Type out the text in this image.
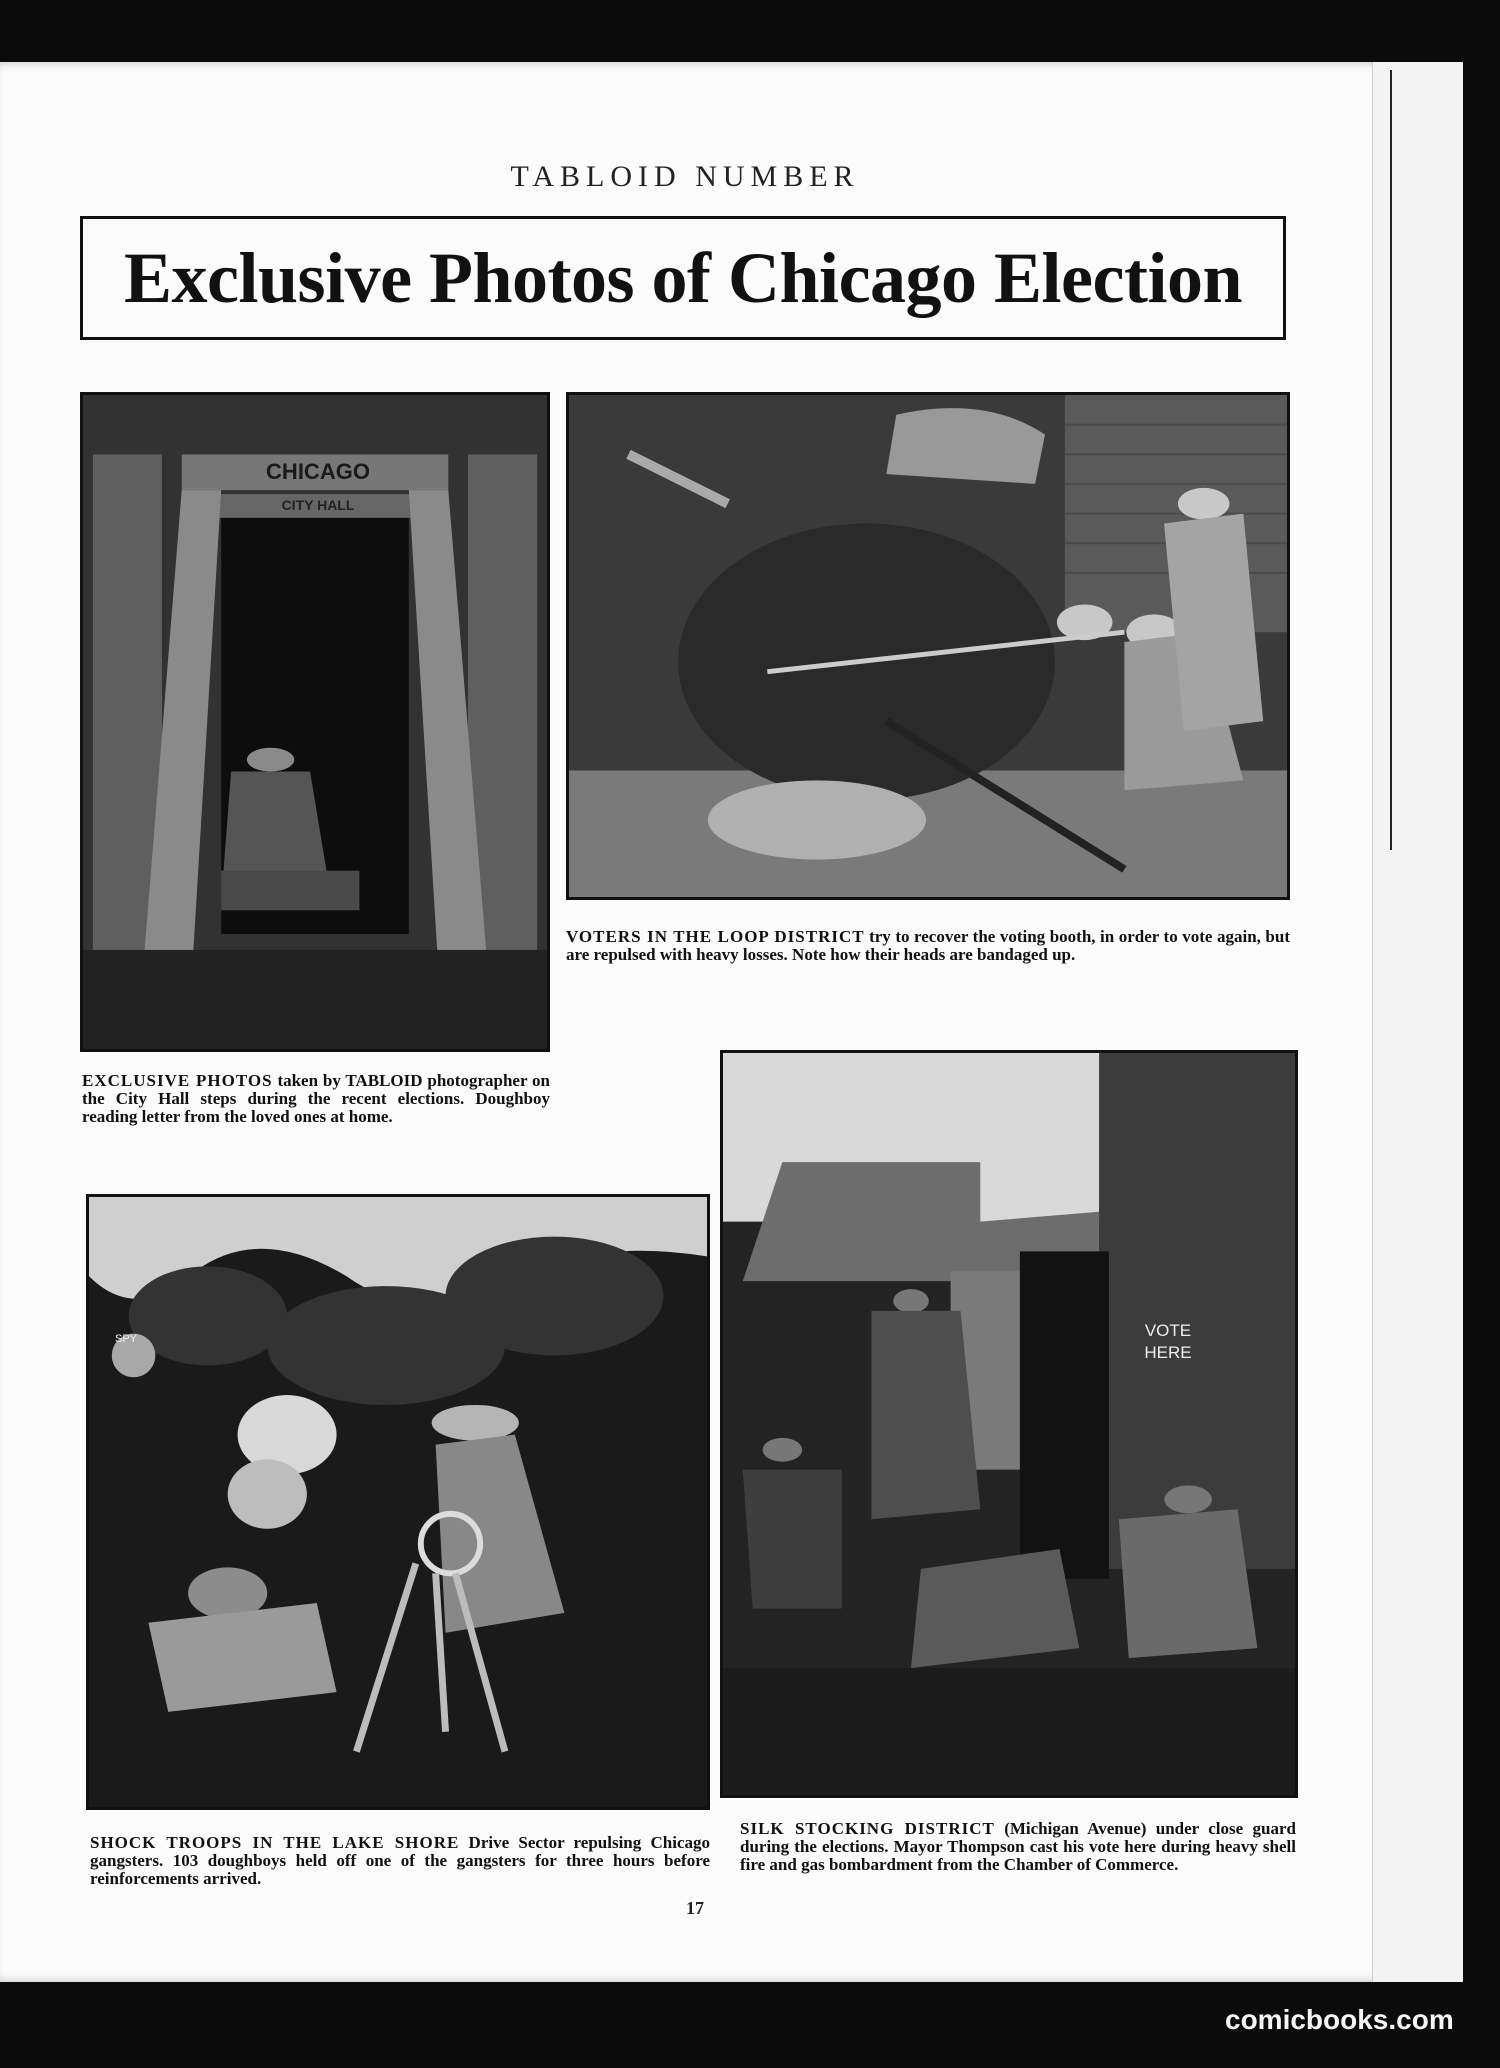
TABLOID NUMBER
Exclusive Photos of Chicago Election
CHICAGO
CITY HALL
VOTERS IN THE LOOP DISTRICT try to recover the voting booth, in order to vote again, but are repulsed with heavy losses. Note how their heads are bandaged up.
EXCLUSIVE PHOTOS taken by TABLOID photographer on the City Hall steps during the recent elections. Doughboy reading letter from the loved ones at home.
SPY
SHOCK TROOPS IN THE LAKE SHORE Drive Sector repulsing Chicago gangsters. 103 doughboys held off one of the gangsters for three hours before reinforcements arrived.
VOTE
HERE
SILK STOCKING DISTRICT (Michigan Avenue) under close guard during the elections. Mayor Thompson cast his vote here during heavy shell fire and gas bombardment from the Chamber of Commerce.
17
comicbooks.com
